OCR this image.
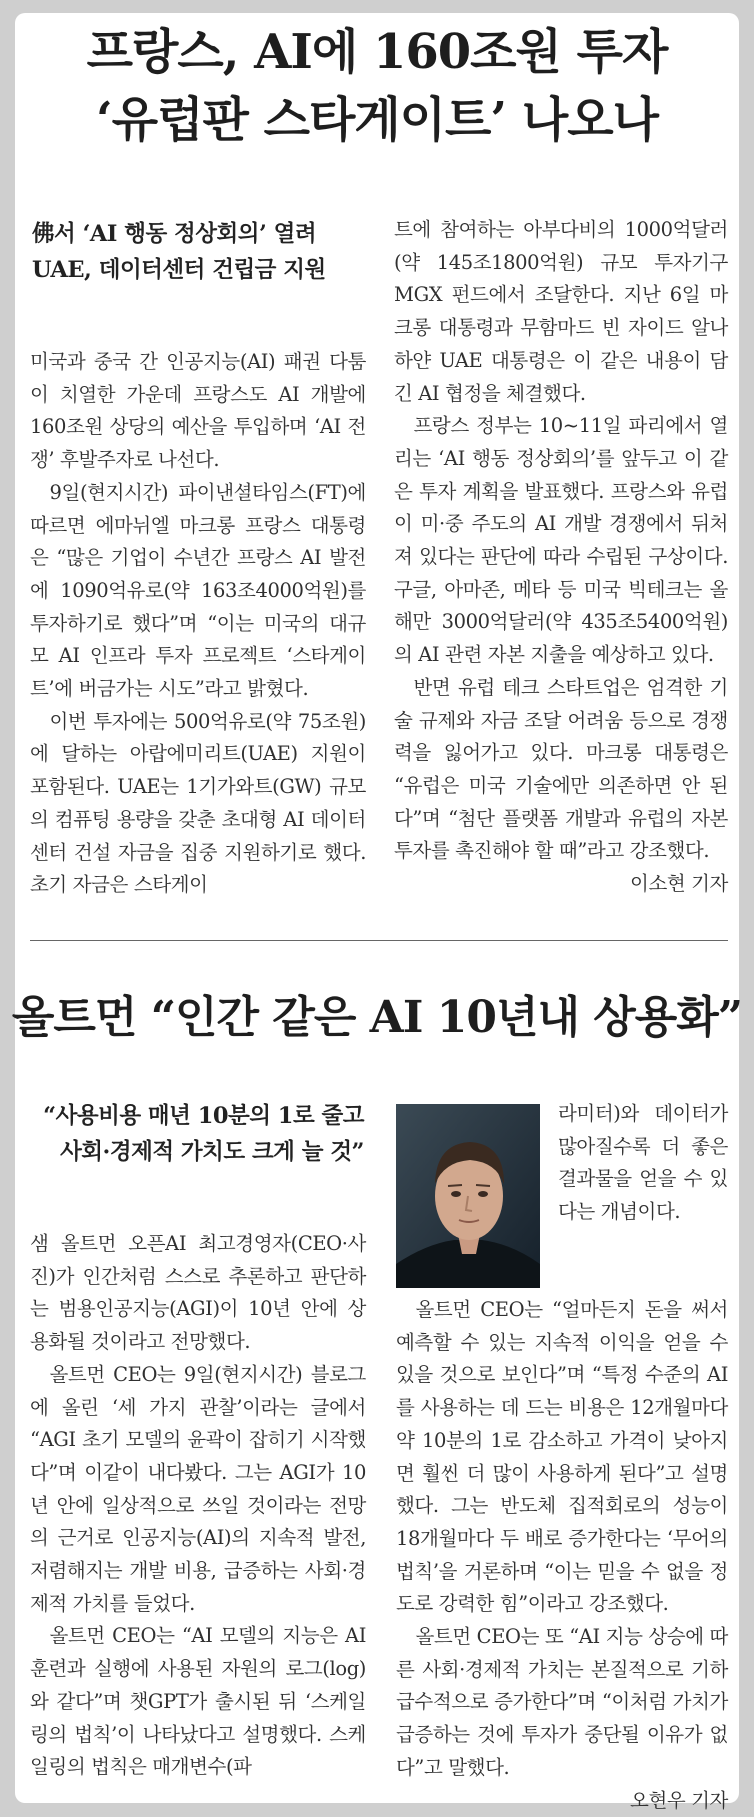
프랑스, AI에 160조원 투자
‘유럽판 스타게이트’ 나오나
佛서 ‘AI 행동 정상회의’ 열려
UAE, 데이터센터 건립금 지원

미국과 중국 간 인공지능(AI) 패권 다툼이 치열한 가운데 프랑스도 AI 개발에 160조원 상당의 예산을 투입하며 ‘AI 전쟁’ 후발주자로 나선다.

9일(현지시간) 파이낸셜타임스(FT)에 따르면 에마뉘엘 마크롱 프랑스 대통령은 “많은 기업이 수년간 프랑스 AI 발전에 1090억유로(약 163조4000억원)를 투자하기로 했다”며 “이는 미국의 대규모 AI 인프라 투자 프로젝트 ‘스타게이트’에 버금가는 시도”라고 밝혔다.

이번 투자에는 500억유로(약 75조원)에 달하는 아랍에미리트(UAE) 지원이 포함된다. UAE는 1기가와트(GW) 규모의 컴퓨팅 용량을 갖춘 초대형 AI 데이터센터 건설 자금을 집중 지원하기로 했다. 초기 자금은 스타게이

트에 참여하는 아부다비의 1000억달러(약 145조1800억원) 규모 투자기구 MGX 펀드에서 조달한다. 지난 6일 마크롱 대통령과 무함마드 빈 자이드 알나하얀 UAE 대통령은 이 같은 내용이 담긴 AI 협정을 체결했다.

프랑스 정부는 10~11일 파리에서 열리는 ‘AI 행동 정상회의’를 앞두고 이 같은 투자 계획을 발표했다. 프랑스와 유럽이 미·중 주도의 AI 개발 경쟁에서 뒤처져 있다는 판단에 따라 수립된 구상이다. 구글, 아마존, 메타 등 미국 빅테크는 올해만 3000억달러(약 435조5400억원)의 AI 관련 자본 지출을 예상하고 있다.

반면 유럽 테크 스타트업은 엄격한 기술 규제와 자금 조달 어려움 등으로 경쟁력을 잃어가고 있다. 마크롱 대통령은 “유럽은 미국 기술에만 의존하면 안 된다”며 “첨단 플랫폼 개발과 유럽의 자본 투자를 촉진해야 할 때”라고 강조했다.

이소현 기자

올트먼 “인간 같은 AI 10년내 상용화”
“사용비용 매년 10분의 1로 줄고
사회·경제적 가치도 크게 늘 것”

샘 올트먼 오픈AI 최고경영자(CEO·사진)가 인간처럼 스스로 추론하고 판단하는 범용인공지능(AGI)이 10년 안에 상용화될 것이라고 전망했다.

올트먼 CEO는 9일(현지시간) 블로그에 올린 ‘세 가지 관찰’이라는 글에서 “AGI 초기 모델의 윤곽이 잡히기 시작했다”며 이같이 내다봤다. 그는 AGI가 10년 안에 일상적으로 쓰일 것이라는 전망의 근거로 인공지능(AI)의 지속적 발전, 저렴해지는 개발 비용, 급증하는 사회·경제적 가치를 들었다.

올트먼 CEO는 “AI 모델의 지능은 AI 훈련과 실행에 사용된 자원의 로그(log)와 같다”며 챗GPT가 출시된 뒤 ‘스케일링의 법칙’이 나타났다고 설명했다. 스케일링의 법칙은 매개변수(파

라미터)와 데이터가 많아질수록 더 좋은 결과물을 얻을 수 있다는 개념이다.

올트먼 CEO는 “얼마든지 돈을 써서 예측할 수 있는 지속적 이익을 얻을 수 있을 것으로 보인다”며 “특정 수준의 AI를 사용하는 데 드는 비용은 12개월마다 약 10분의 1로 감소하고 가격이 낮아지면 훨씬 더 많이 사용하게 된다”고 설명했다. 그는 반도체 집적회로의 성능이 18개월마다 두 배로 증가한다는 ‘무어의 법칙’을 거론하며 “이는 믿을 수 없을 정도로 강력한 힘”이라고 강조했다.

올트먼 CEO는 또 “AI 지능 상승에 따른 사회·경제적 가치는 본질적으로 기하급수적으로 증가한다”며 “이처럼 가치가 급증하는 것에 투자가 중단될 이유가 없다”고 말했다.

오현우 기자
